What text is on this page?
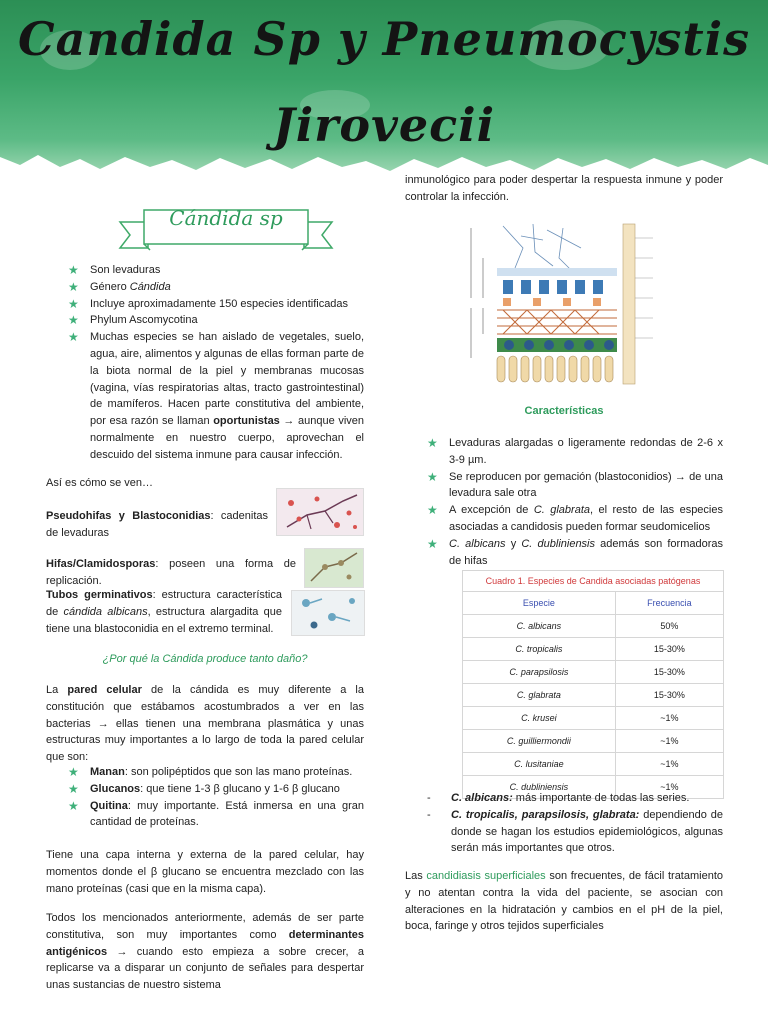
Candida Sp y Pneumocystis
Jirovecii
Cándida sp
★ Son levaduras
★ Género Cándida
★ Incluye aproximadamente 150 especies identificadas
★ Phylum Ascomycotina
★ Muchas especies se han aislado de vegetales, suelo, agua, aire, alimentos y algunas de ellas forman parte de la biota normal de la piel y membranas mucosas (vagina, vías respiratorias altas, tracto gastrointestinal) de mamíferos. Hacen parte constitutiva del ambiente, por esa razón se llaman oportunistas → aunque viven normalmente en nuestro cuerpo, aprovechan el descuido del sistema inmune para causar infección.

Así es cómo se ven…

Pseudohifas y Blastoconidias: cadenitas de levaduras

Hifas/Clamidosporas: poseen una forma de replicación.

Tubos germinativos: estructura característica de cándida albicans, estructura alargadita que tiene una blastoconidia en el extremo terminal.

¿Por qué la Cándida produce tanto daño?

La pared celular de la cándida es muy diferente a la constitución que estábamos acostumbrados a ver en las bacterias → ellas tienen una membrana plasmática y unas estructuras muy importantes a lo largo de toda la pared celular que son:

★ Manan: son polipéptidos que son las mano proteínas.
★ Glucanos: que tiene 1-3 β glucano y 1-6 β glucano
★ Quitina: muy importante. Está inmersa en una gran cantidad de proteínas.

Tiene una capa interna y externa de la pared celular, hay momentos donde el β glucano se encuentra mezclado con las mano proteínas (casi que en la misma capa).

Todos los mencionados anteriormente, además de ser parte constitutiva, son muy importantes como determinantes antigénicos → cuando esto empieza a sobre crecer, a replicarse va a disparar un conjunto de señales para despertar unas sustancias de nuestro sistema

inmunológico para poder despertar la respuesta inmune y poder controlar la infección.

Características
★ Levaduras alargadas o ligeramente redondas de 2-6 x 3-9 µm.
★ Se reproducen por gemación (blastoconidios) → de una levadura sale otra
★ A excepción de C. glabrata, el resto de las especies asociadas a candidosis pueden formar seudomicelios
★ C. albicans y C. dubliniensis además son formadoras de hifas
Cuadro 1. Especies de Candida asociadas patógenas
Especie	Frecuencia
C. albicans	50%
C. tropicalis	15-30%
C. parapsilosis	15-30%
C. glabrata	15-30%
C. krusei	~1%
C. guilliermondii	~1%
C. lusitaniae	~1%
C. dubliniensis	~1%
- C. albicans: más importante de todas las series.
- C. tropicalis, parapsilosis, glabrata: dependiendo de donde se hagan los estudios epidemiológicos, algunas serán más importantes que otros.

Las candidiasis superficiales son frecuentes, de fácil tratamiento y no atentan contra la vida del paciente, se asocian con alteraciones en la hidratación y cambios en el pH de la piel, boca, faringe y otros tejidos superficiales
